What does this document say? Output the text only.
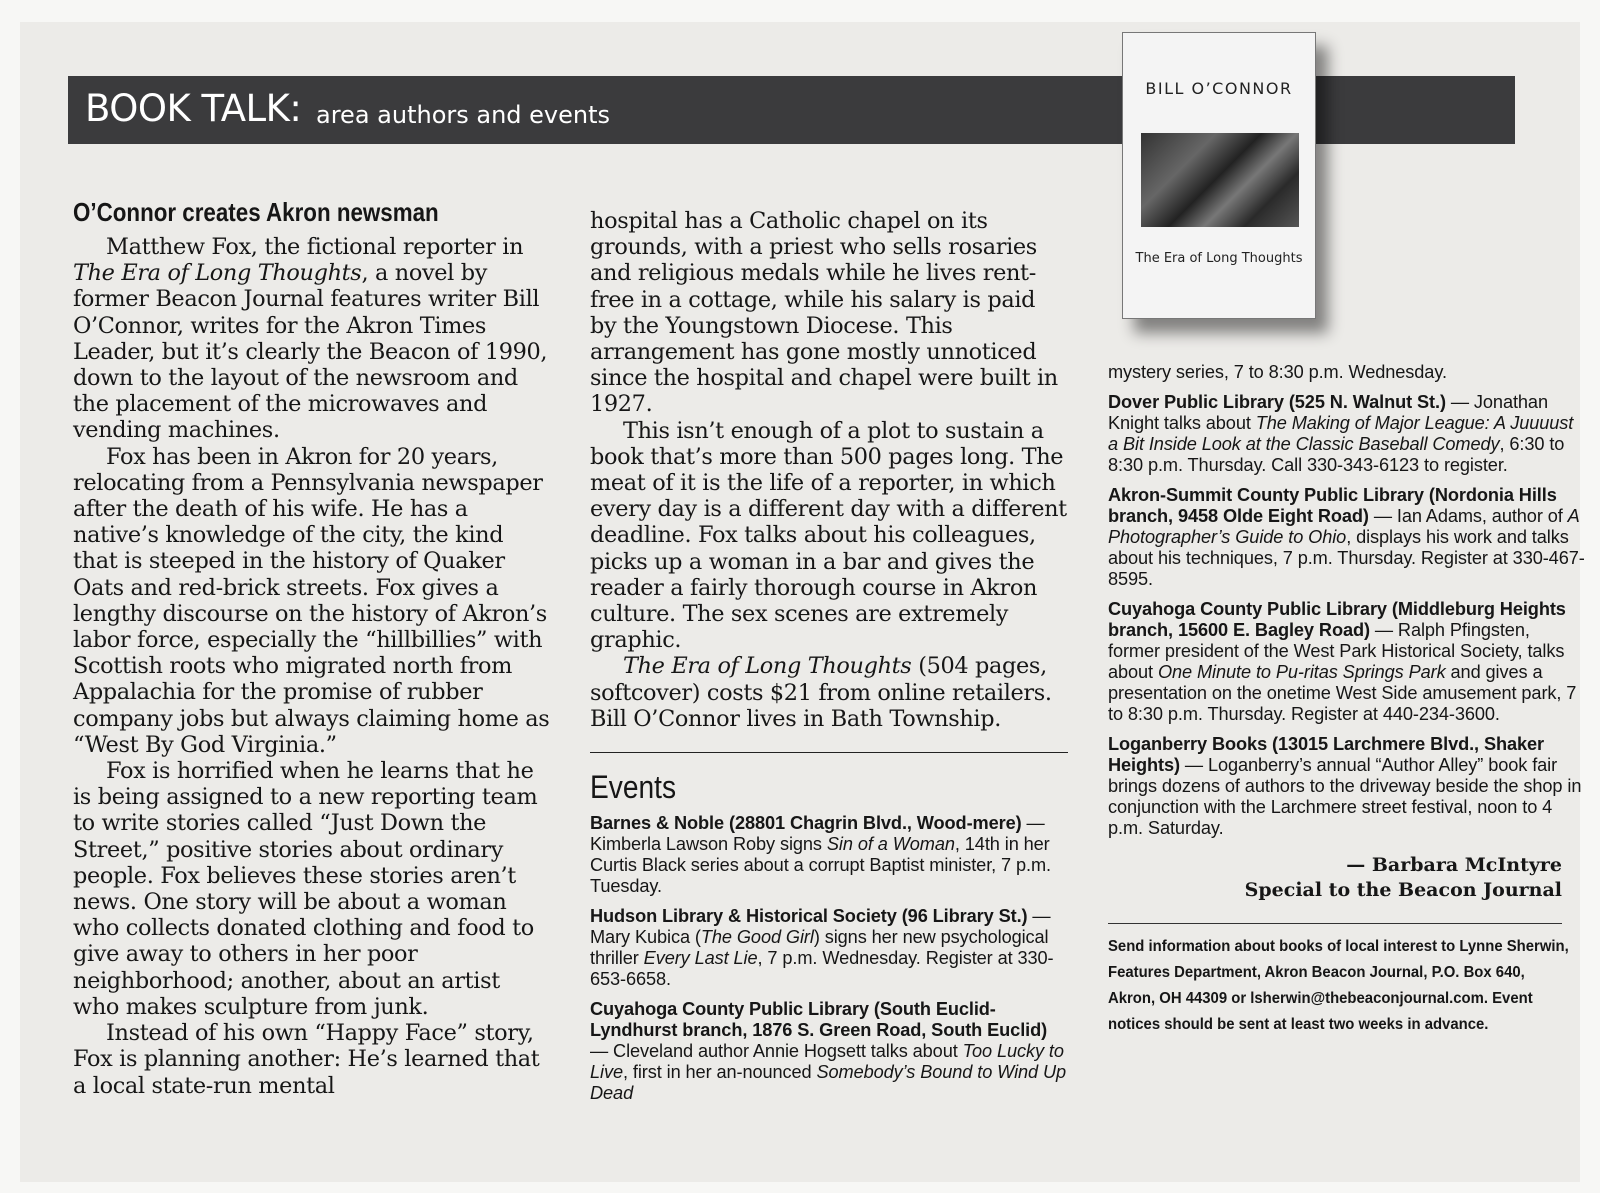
BOOK TALK: area authors and events
BILL O’CONNOR
The Era of Long Thoughts
O’Connor creates Akron newsman

Matthew Fox, the fictional reporter in The Era of Long Thoughts, a novel by former Beacon Journal features writer Bill O’Connor, writes for the Akron Times Leader, but it’s clearly the Beacon of 1990, down to the layout of the newsroom and the placement of the microwaves and vending machines.

Fox has been in Akron for 20 years, relocating from a Pennsylvania newspaper after the death of his wife. He has a native’s knowledge of the city, the kind that is steeped in the history of Quaker Oats and red-brick streets. Fox gives a lengthy discourse on the history of Akron’s labor force, especially the “hillbillies” with Scottish roots who migrated north from Appalachia for the promise of rubber company jobs but always claiming home as “West By God Virginia.”

Fox is horrified when he learns that he is being assigned to a new reporting team to write stories called “Just Down the Street,” positive stories about ordinary people. Fox believes these stories aren’t news. One story will be about a woman who collects donated clothing and food to give away to others in her poor neighborhood; another, about an artist who makes sculpture from junk.

Instead of his own “Happy Face” story, Fox is planning another: He’s learned that a local state-run mental

hospital has a Catholic chapel on its grounds, with a priest who sells rosaries and religious medals while he lives rent-free in a cottage, while his salary is paid by the Youngstown Diocese. This arrangement has gone mostly unnoticed since the hospital and chapel were built in 1927.

This isn’t enough of a plot to sustain a book that’s more than 500 pages long. The meat of it is the life of a reporter, in which every day is a different day with a different deadline. Fox talks about his colleagues, picks up a woman in a bar and gives the reader a fairly thorough course in Akron culture. The sex scenes are extremely graphic.

The Era of Long Thoughts (504 pages, softcover) costs $21 from online retailers. Bill O’Connor lives in Bath Township.

Events
Barnes & Noble (28801 Chagrin Blvd., Wood-mere) — Kimberla Lawson Roby signs Sin of a Woman, 14th in her Curtis Black series about a corrupt Baptist minister, 7 p.m. Tuesday.
Hudson Library & Historical Society (96 Library St.) — Mary Kubica (The Good Girl) signs her new psychological thriller Every Last Lie, 7 p.m. Wednesday. Register at 330-653-6658.
Cuyahoga County Public Library (South Euclid-Lyndhurst branch, 1876 S. Green Road, South Euclid) — Cleveland author Annie Hogsett talks about Too Lucky to Live, first in her an-nounced Somebody’s Bound to Wind Up Dead
mystery series, 7 to 8:30 p.m. Wednesday.
Dover Public Library (525 N. Walnut St.) — Jonathan Knight talks about The Making of Major League: A Juuuust a Bit Inside Look at the Classic Baseball Comedy, 6:30 to 8:30 p.m. Thursday. Call 330-343-6123 to register.
Akron-Summit County Public Library (Nordonia Hills branch, 9458 Olde Eight Road) — Ian Adams, author of A Photographer’s Guide to Ohio, displays his work and talks about his techniques, 7 p.m. Thursday. Register at 330-467-8595.
Cuyahoga County Public Library (Middleburg Heights branch, 15600 E. Bagley Road) — Ralph Pfingsten, former president of the West Park Historical Society, talks about One Minute to Pu-ritas Springs Park and gives a presentation on the onetime West Side amusement park, 7 to 8:30 p.m. Thursday. Register at 440-234-3600.
Loganberry Books (13015 Larchmere Blvd., Shaker Heights) — Loganberry’s annual “Author Alley” book fair brings dozens of authors to the driveway beside the shop in conjunction with the Larchmere street festival, noon to 4 p.m. Saturday.
— Barbara McIntyre
Special to the Beacon Journal
Send information about books of local interest to Lynne Sherwin, Features Department, Akron Beacon Journal, P.O. Box 640, Akron, OH 44309 or lsherwin@thebeaconjournal.com. Event notices should be sent at least two weeks in advance.
